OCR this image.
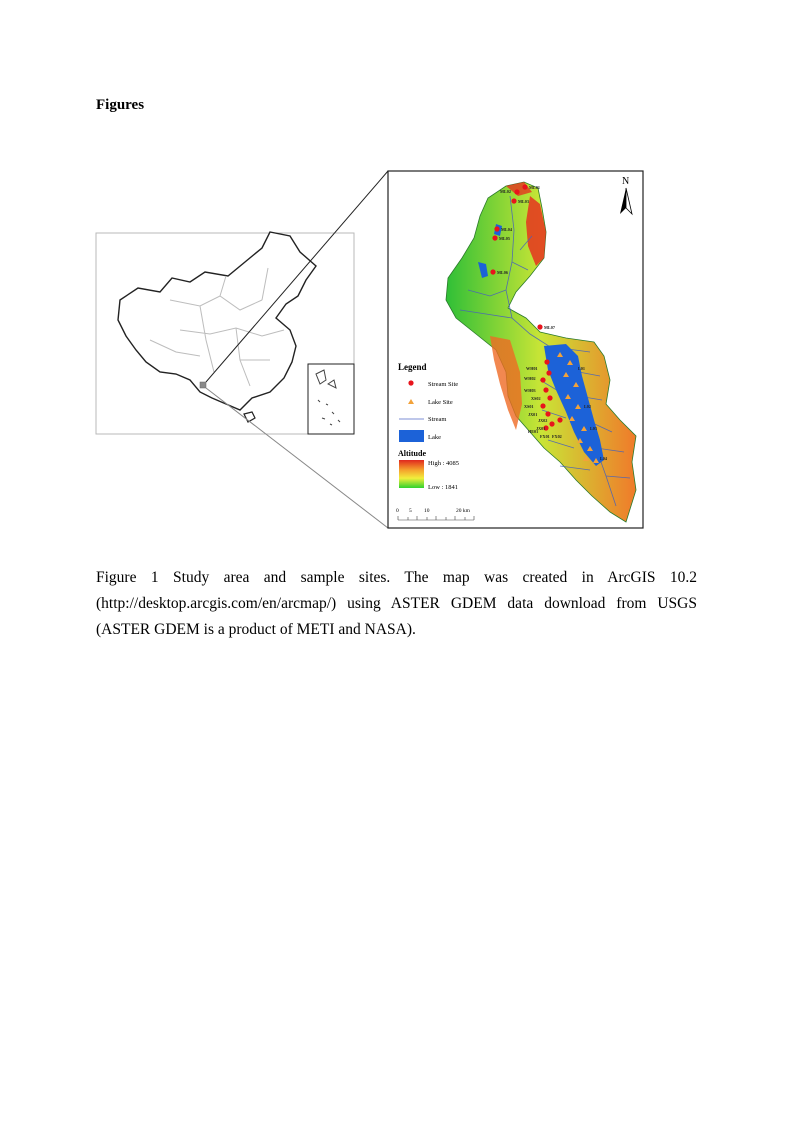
Figures
ML01
ML02
ML03
ML04
ML05
ML06
ML07
WH01
WH02
WH03
XS01
XS02
JX01
JX02
JX03
HE01
FX01 FX02
L01
L02
L03
L04
N
Legend
Stream Site
Lake Site
Stream
Lake
Altitude
High : 4085
Low : 1841
0 5 10	20 km
Figure 1 Study area and sample sites. The map was created in ArcGIS 10.2 (http://desktop.arcgis.com/en/arcmap/) using ASTER GDEM data download from USGS (ASTER GDEM is a product of METI and NASA).
